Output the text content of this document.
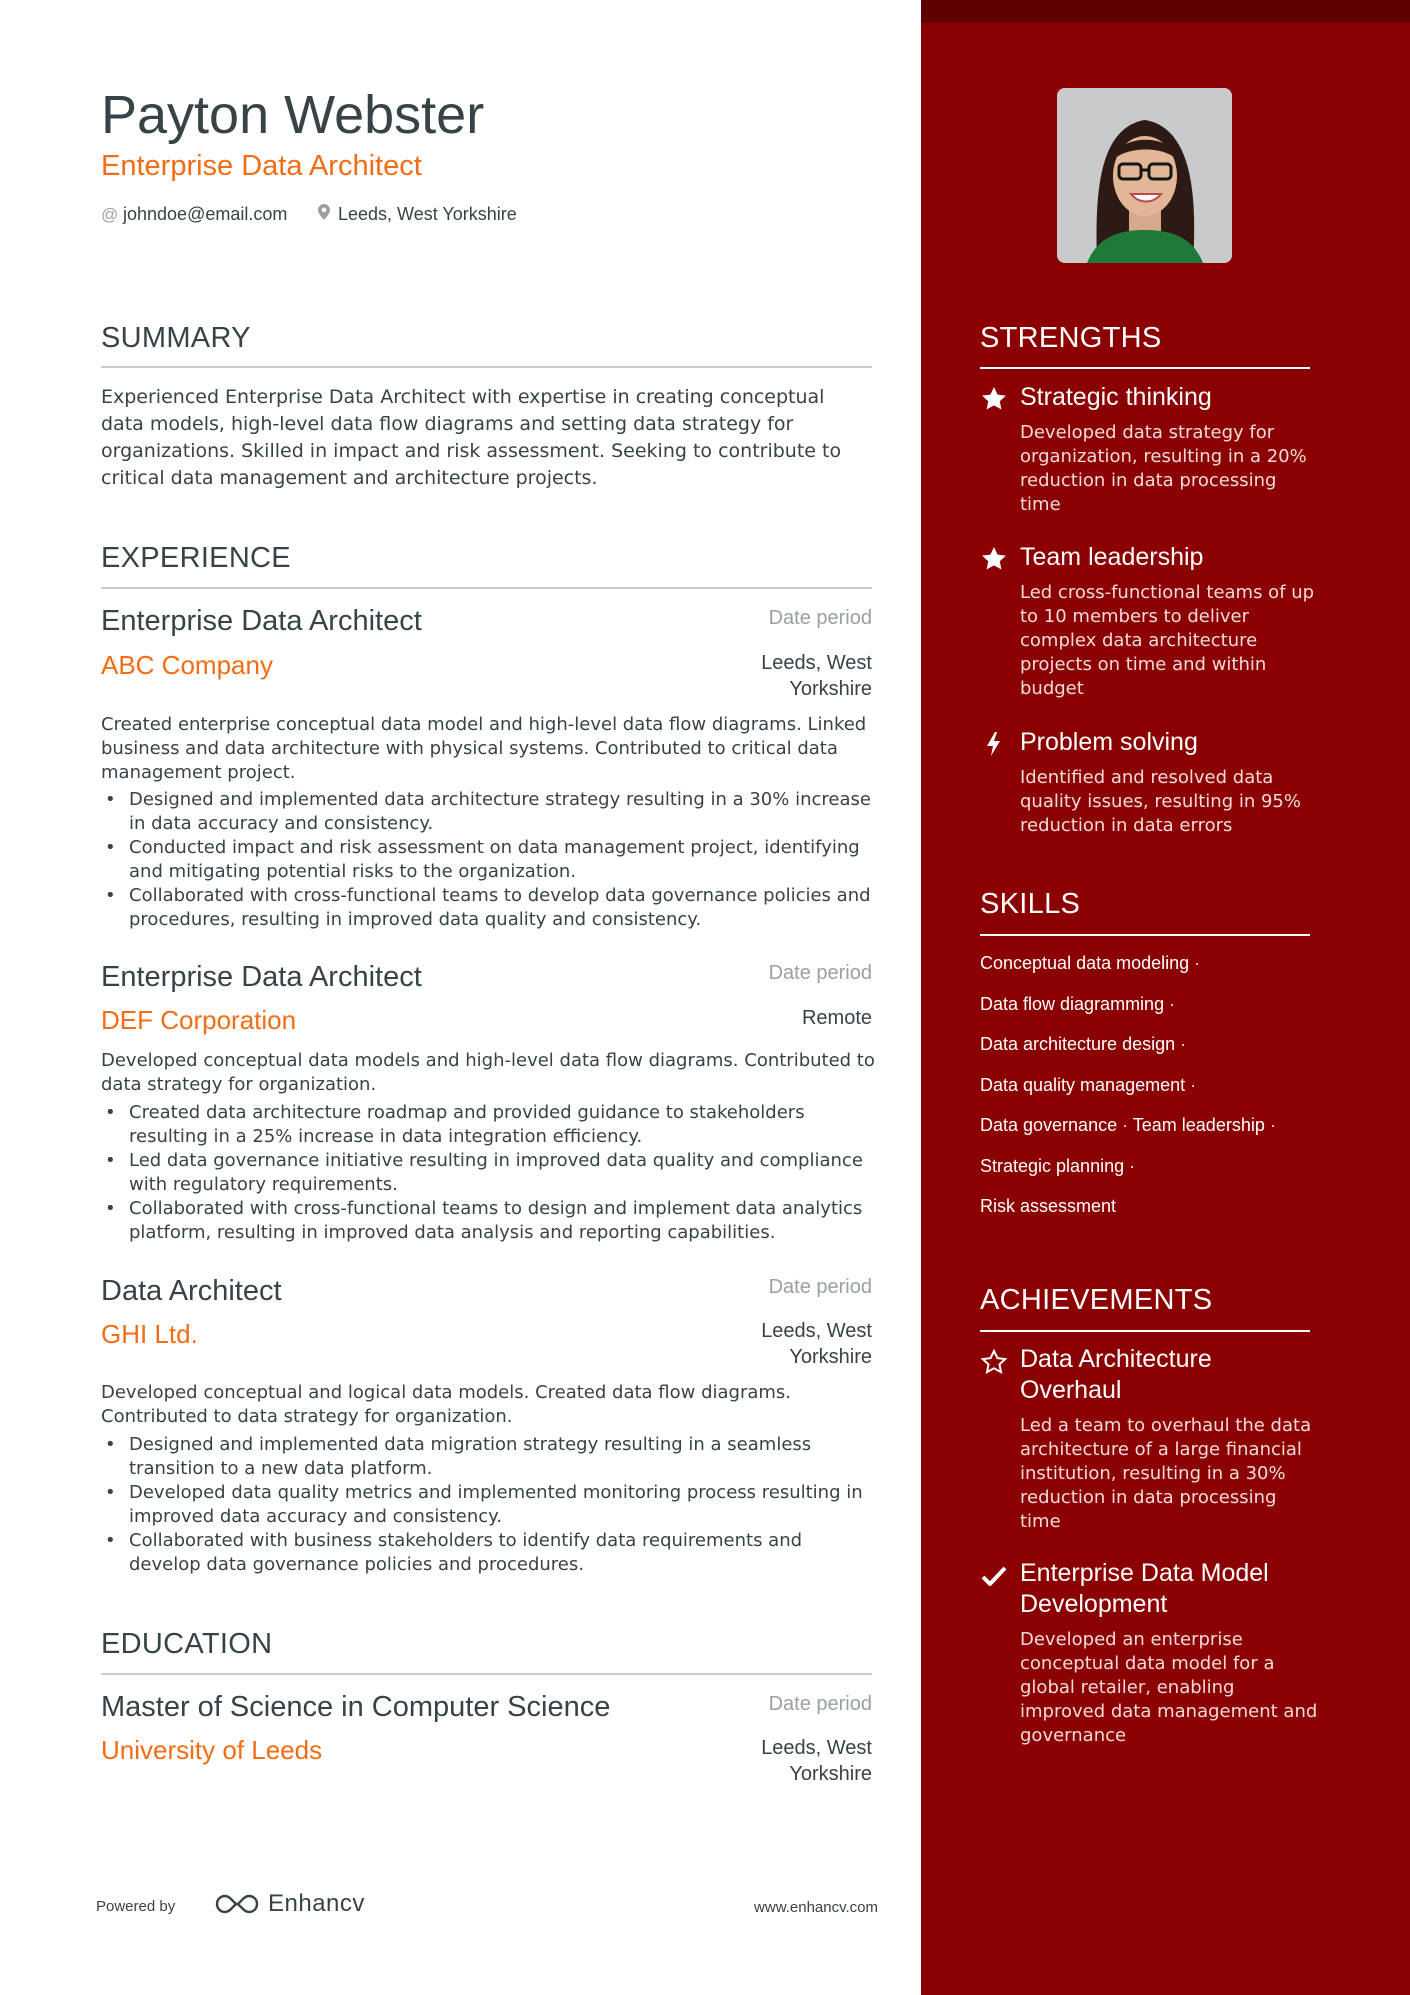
Payton Webster
Enterprise Data Architect
@ johndoe@email.com	Leeds, West Yorkshire
SUMMARY
Experienced Enterprise Data Architect with expertise in creating conceptual data models, high-level data flow diagrams and setting data strategy for organizations. Skilled in impact and risk assessment. Seeking to contribute to critical data management and architecture projects.
EXPERIENCE
Enterprise Data Architect	Date period
ABC Company	Leeds, West Yorkshire
Created enterprise conceptual data model and high-level data flow diagrams. Linked business and data architecture with physical systems. Contributed to critical data management project.
• Designed and implemented data architecture strategy resulting in a 30% increase in data accuracy and consistency.
• Conducted impact and risk assessment on data management project, identifying and mitigating potential risks to the organization.
• Collaborated with cross-functional teams to develop data governance policies and procedures, resulting in improved data quality and consistency.
Enterprise Data Architect	Date period
DEF Corporation	Remote
Developed conceptual data models and high-level data flow diagrams. Contributed to data strategy for organization.
• Created data architecture roadmap and provided guidance to stakeholders resulting in a 25% increase in data integration efficiency.
• Led data governance initiative resulting in improved data quality and compliance with regulatory requirements.
• Collaborated with cross-functional teams to design and implement data analytics platform, resulting in improved data analysis and reporting capabilities.
Data Architect	Date period
GHI Ltd.	Leeds, West Yorkshire
Developed conceptual and logical data models. Created data flow diagrams. Contributed to data strategy for organization.
• Designed and implemented data migration strategy resulting in a seamless transition to a new data platform.
• Developed data quality metrics and implemented monitoring process resulting in improved data accuracy and consistency.
• Collaborated with business stakeholders to identify data requirements and develop data governance policies and procedures.
EDUCATION
Master of Science in Computer Science	Date period
University of Leeds	Leeds, West Yorkshire
Powered by	Enhancv	www.enhancv.com
STRENGTHS
Strategic thinking
Developed data strategy for organization, resulting in a 20% reduction in data processing time
Team leadership
Led cross-functional teams of up to 10 members to deliver complex data architecture projects on time and within budget
Problem solving
Identified and resolved data quality issues, resulting in 95% reduction in data errors
SKILLS
Conceptual data modeling ·
Data flow diagramming ·
Data architecture design ·
Data quality management ·
Data governance · Team leadership ·
Strategic planning ·
Risk assessment
ACHIEVEMENTS
Data Architecture Overhaul
Led a team to overhaul the data architecture of a large financial institution, resulting in a 30% reduction in data processing time
Enterprise Data Model Development
Developed an enterprise conceptual data model for a global retailer, enabling improved data management and governance
